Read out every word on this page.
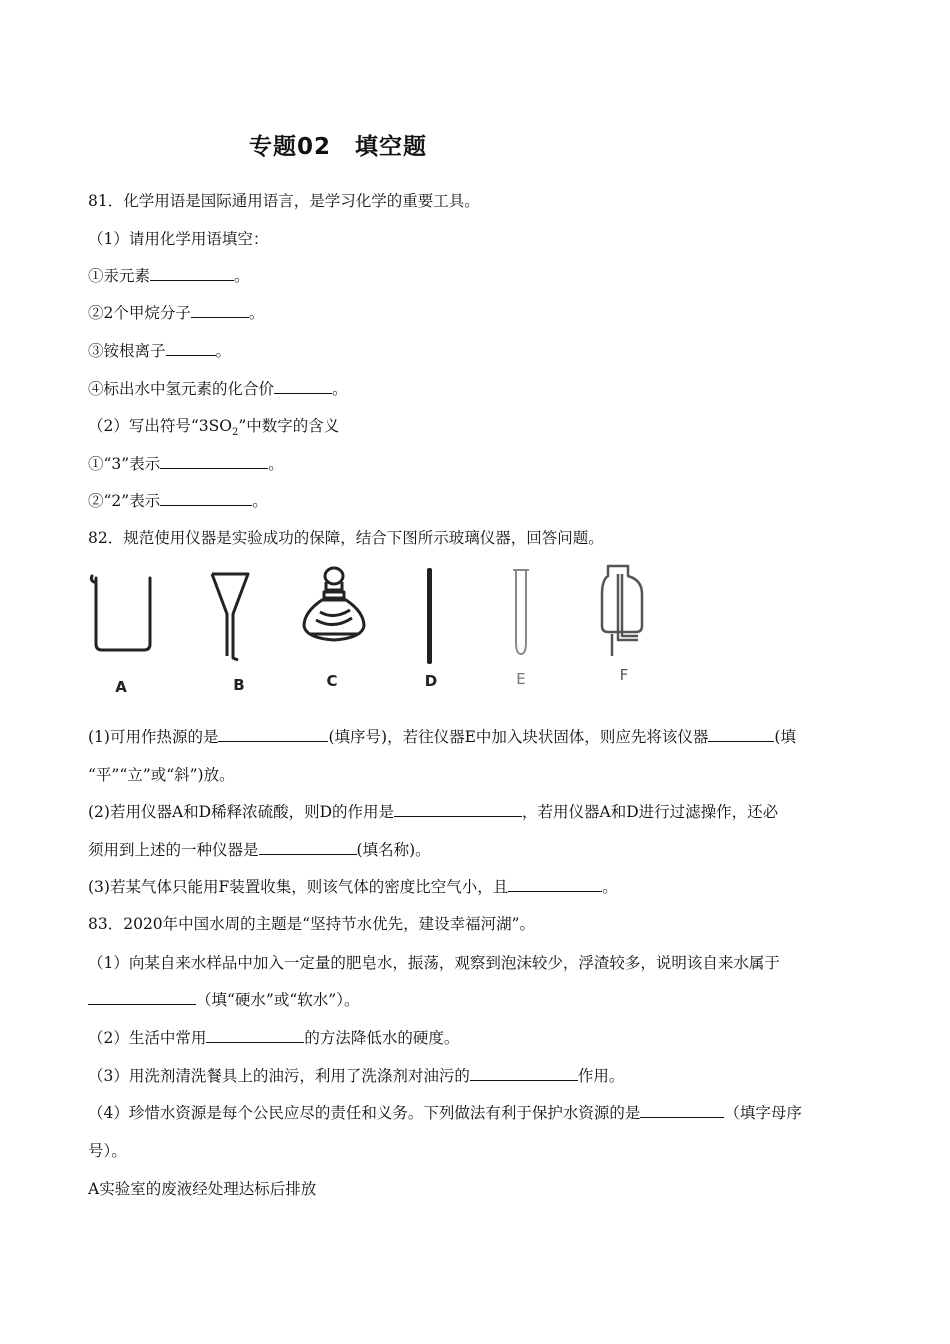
专题02　填空题
81．化学用语是国际通用语言，是学习化学的重要工具。
（1）请用化学用语填空：
①汞元素	。
②2个甲烷分子	。
③铵根离子	。
④标出水中氢元素的化合价	。
（2）写出符号“$3SO_2$”中数字的含义
①“3”表示	。
②“2”表示	。
82．规范使用仪器是实验成功的保障，结合下图所示玻璃仪器，回答问题。
A	B	C	D	E	F
(1)可用作热源的是	(填序号)，若往仪器E中加入块状固体，则应先将该仪器	(填
“平”“立”或“斜”)放。
(2)若用仪器A和D稀释浓硫酸，则D的作用是	，若用仪器A和D进行过滤操作，还必
须用到上述的一种仪器是	(填名称)。
(3)若某气体只能用F装置收集，则该气体的密度比空气小，且	。
83．2020年中国水周的主题是“坚持节水优先，建设幸福河湖”。
（1）向某自来水样品中加入一定量的肥皂水，振荡，观察到泡沫较少，浮渣较多，说明该自来水属于
（填“硬水”或“软水”）。
（2）生活中常用	的方法降低水的硬度。
（3）用洗剂清洗餐具上的油污，利用了洗涤剂对油污的	作用。
（4）珍惜水资源是每个公民应尽的责任和义务。下列做法有利于保护水资源的是	（填字母序
号）。
A实验室的废液经处理达标后排放
